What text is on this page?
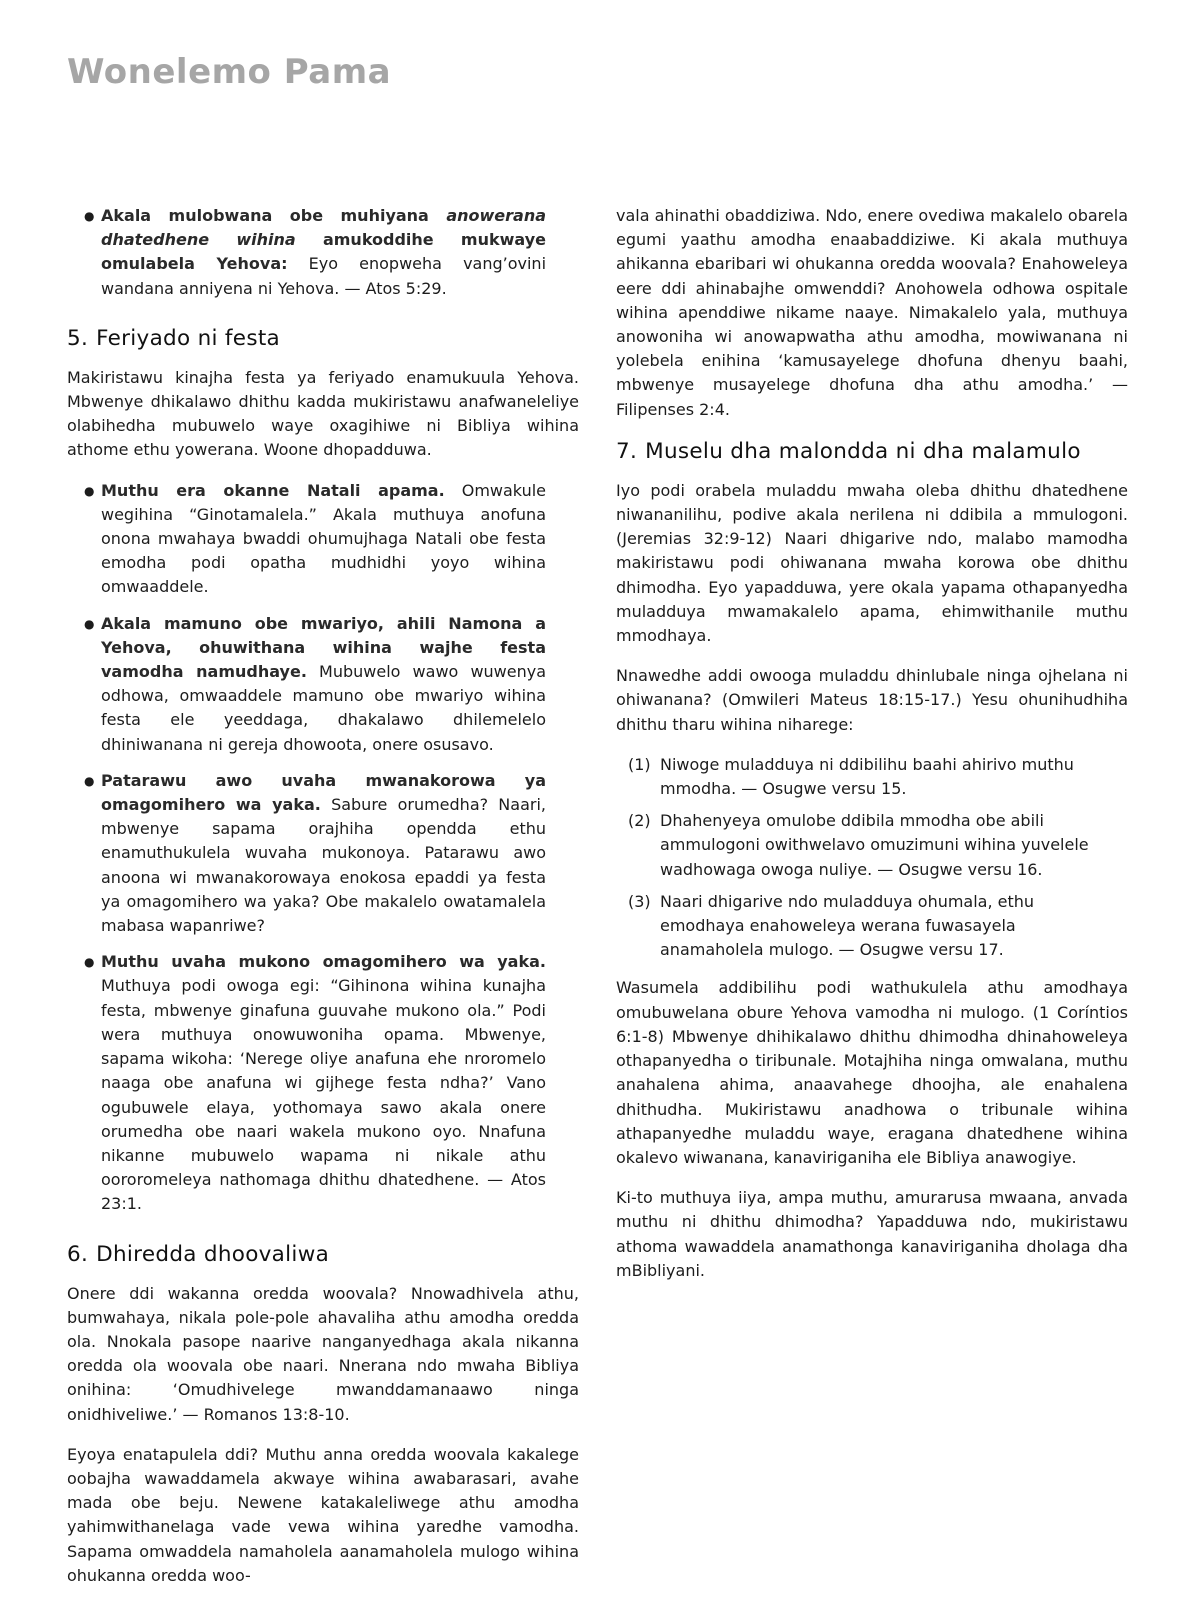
Wonelemo Pama
● Akala mulobwana obe muhiyana anowerana dhatedhene wihina amukoddihe mukwaye omulabela Yehova: Eyo enopweha vang’ovini wandana anniyena ni Yehova. — Atos 5:29.
5. Feriyado ni festa

Makiristawu kinajha festa ya feriyado enamukuula Yehova. Mbwenye dhikalawo dhithu kadda mukiristawu anafwaneleliye olabihedha mubuwelo waye oxagihiwe ni Bibliya wihina athome ethu yowerana. Woone dhopadduwa.

● Muthu era okanne Natali apama. Omwakule wegihina “Ginotamalela.” Akala muthuya anofuna onona mwahaya bwaddi ohumujhaga Natali obe festa emodha podi opatha mudhidhi yoyo wihina omwaaddele.
● Akala mamuno obe mwariyo, ahili Namona a Yehova, ohuwithana wihina wajhe festa vamodha namudhaye. Mubuwelo wawo wuwenya odhowa, omwaaddele mamuno obe mwariyo wihina festa ele yeeddaga, dhakalawo dhilemelelo dhiniwanana ni gereja dhowoota, onere osusavo.
● Patarawu awo uvaha mwanakorowa ya omagomihero wa yaka. Sabure orumedha? Naari, mbwenye sapama orajhiha opendda ethu enamuthukulela wuvaha mukonoya. Patarawu awo anoona wi mwanakorowaya enokosa epaddi ya festa ya omagomihero wa yaka? Obe makalelo owatamalela mabasa wapanriwe?
● Muthu uvaha mukono omagomihero wa yaka. Muthuya podi owoga egi: “Gihinona wihina kunajha festa, mbwenye ginafuna guuvahe mukono ola.” Podi wera muthuya onowuwoniha opama. Mbwenye, sapama wikoha: ‘Nerege oliye anafuna ehe nroromelo naaga obe anafuna wi gijhege festa ndha?’ Vano ogubuwele elaya, yothomaya sawo akala onere orumedha obe naari wakela mukono oyo. Nnafuna nikanne mubuwelo wapama ni nikale athu oororomeleya nathomaga dhithu dhatedhene. — Atos 23:1.
6. Dhiredda dhoovaliwa

Onere ddi wakanna oredda woovala? Nnowadhivela athu, bumwahaya, nikala pole-pole ahavaliha athu amodha oredda ola. Nnokala pasope naarive nanganyedhaga akala nikanna oredda ola woovala obe naari. Nnerana ndo mwaha Bibliya onihina: ‘Omudhivelege mwanddamanaawo ninga onidhiveliwe.’ — Romanos 13:8-10.

Eyoya enatapulela ddi? Muthu anna oredda woovala kakalege oobajha wawaddamela akwaye wihina awabarasari, avahe mada obe beju. Newene katakaleliwege athu amodha yahimwithanelaga vade vewa wihina yaredhe vamodha. Sapama omwaddela namaholela aanamaholela mulogo wihina ohukanna oredda woo-

vala ahinathi obaddiziwa. Ndo, enere ovediwa makalelo obarela egumi yaathu amodha enaabaddiziwe. Ki akala muthuya ahikanna ebaribari wi ohukanna oredda woovala? Enahoweleya eere ddi ahinabajhe omwenddi? Anohowela odhowa ospitale wihina apenddiwe nikame naaye. Nimakalelo yala, muthuya anowoniha wi anowapwatha athu amodha, mowiwanana ni yolebela enihina ‘kamusayelege dhofuna dhenyu baahi, mbwenye musayelege dhofuna dha athu amodha.’ — Filipenses 2:4.

7. Muselu dha malondda ni dha malamulo

Iyo podi orabela muladdu mwaha oleba dhithu dhatedhene niwananilihu, podive akala nerilena ni ddibila a mmulogoni. (Jeremias 32:9-12) Naari dhigarive ndo, malabo mamodha makiristawu podi ohiwanana mwaha korowa obe dhithu dhimodha. Eyo yapadduwa, yere okala yapama othapanyedha muladduya mwamakalelo apama, ehimwithanile muthu mmodhaya.

Nnawedhe addi owooga muladdu dhinlubale ninga ojhelana ni ohiwanana? (Omwileri Mateus 18:15-17.) Yesu ohunihudhiha dhithu tharu wihina niharege:

(1) Niwoge muladduya ni ddibilihu baahi ahirivo muthu mmodha. — Osugwe versu 15.
(2) Dhahenyeya omulobe ddibila mmodha obe abili ammulogoni owithwelavo omuzimuni wihina yuvelele wadhowaga owoga nuliye. — Osugwe versu 16.
(3) Naari dhigarive ndo muladduya ohumala, ethu emodhaya enahoweleya werana fuwasayela anamaholela mulogo. — Osugwe versu 17.

Wasumela addibilihu podi wathukulela athu amodhaya omubuwelana obure Yehova vamodha ni mulogo. (1 Coríntios 6:1-8) Mbwenye dhihikalawo dhithu dhimodha dhinahoweleya othapanyedha o tiribunale. Motajhiha ninga omwalana, muthu anahalena ahima, anaavahege dhoojha, ale enahalena dhithudha. Mukiristawu anadhowa o tribunale wihina athapanyedhe muladdu waye, eragana dhatedhene wihina okalevo wiwanana, kanaviriganiha ele Bibliya anawogiye.

Ki-to muthuya iiya, ampa muthu, amurarusa mwaana, anvada muthu ni dhithu dhimodha? Yapadduwa ndo, mukiristawu athoma wawaddela anamathonga kanaviriganiha dholaga dha mBibliyani.
